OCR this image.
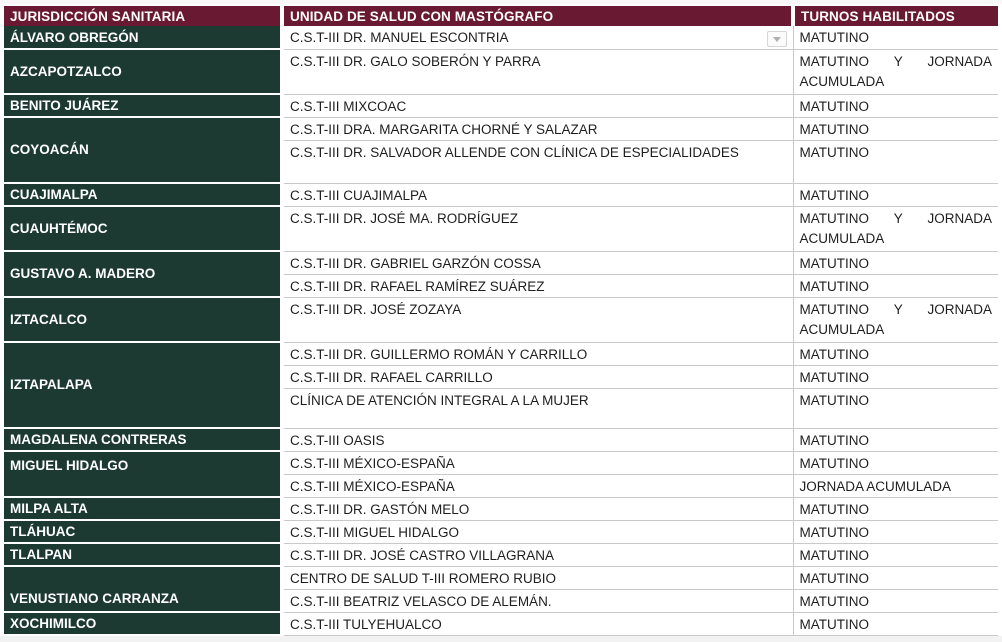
JURISDICCIÓN SANITARIA	UNIDAD DE SALUD CON MASTÓGRAFO	TURNOS HABILITADOS
ÁLVARO OBREGÓN	C.S.T-III DR. MANUEL ESCONTRIA	MATUTINO
AZCAPOTZALCO	C.S.T-III DR. GALO SOBERÓN Y PARRA	MATUTINO Y JORNADA ACUMULADA
BENITO JUÁREZ	C.S.T-III MIXCOAC	MATUTINO
COYOACÁN	C.S.T-III DRA. MARGARITA CHORNÉ Y SALAZAR	MATUTINO
	C.S.T-III DR. SALVADOR ALLENDE CON CLÍNICA DE ESPECIALIDADES	MATUTINO
CUAJIMALPA	C.S.T-III CUAJIMALPA	MATUTINO
CUAUHTÉMOC	C.S.T-III DR. JOSÉ MA. RODRÍGUEZ	MATUTINO Y JORNADA ACUMULADA
GUSTAVO A. MADERO	C.S.T-III DR. GABRIEL GARZÓN COSSA	MATUTINO
	C.S.T-III DR. RAFAEL RAMÍREZ SUÁREZ	MATUTINO
IZTACALCO	C.S.T-III DR. JOSÉ ZOZAYA	MATUTINO Y JORNADA ACUMULADA
IZTAPALAPA	C.S.T-III DR. GUILLERMO ROMÁN Y CARRILLO	MATUTINO
	C.S.T-III DR. RAFAEL CARRILLO	MATUTINO
	CLÍNICA DE ATENCIÓN INTEGRAL A LA MUJER	MATUTINO
MAGDALENA CONTRERAS	C.S.T-III OASIS	MATUTINO
MIGUEL HIDALGO	C.S.T-III MÉXICO-ESPAÑA	MATUTINO
	C.S.T-III MÉXICO-ESPAÑA	JORNADA ACUMULADA
MILPA ALTA	C.S.T-III DR. GASTÓN MELO	MATUTINO
TLÁHUAC	C.S.T-III MIGUEL HIDALGO	MATUTINO
TLALPAN	C.S.T-III DR. JOSÉ CASTRO VILLAGRANA	MATUTINO
VENUSTIANO CARRANZA	CENTRO DE SALUD T-III ROMERO RUBIO	MATUTINO
	C.S.T-III BEATRIZ VELASCO DE ALEMÁN.	MATUTINO
XOCHIMILCO	C.S.T-III TULYEHUALCO	MATUTINO
